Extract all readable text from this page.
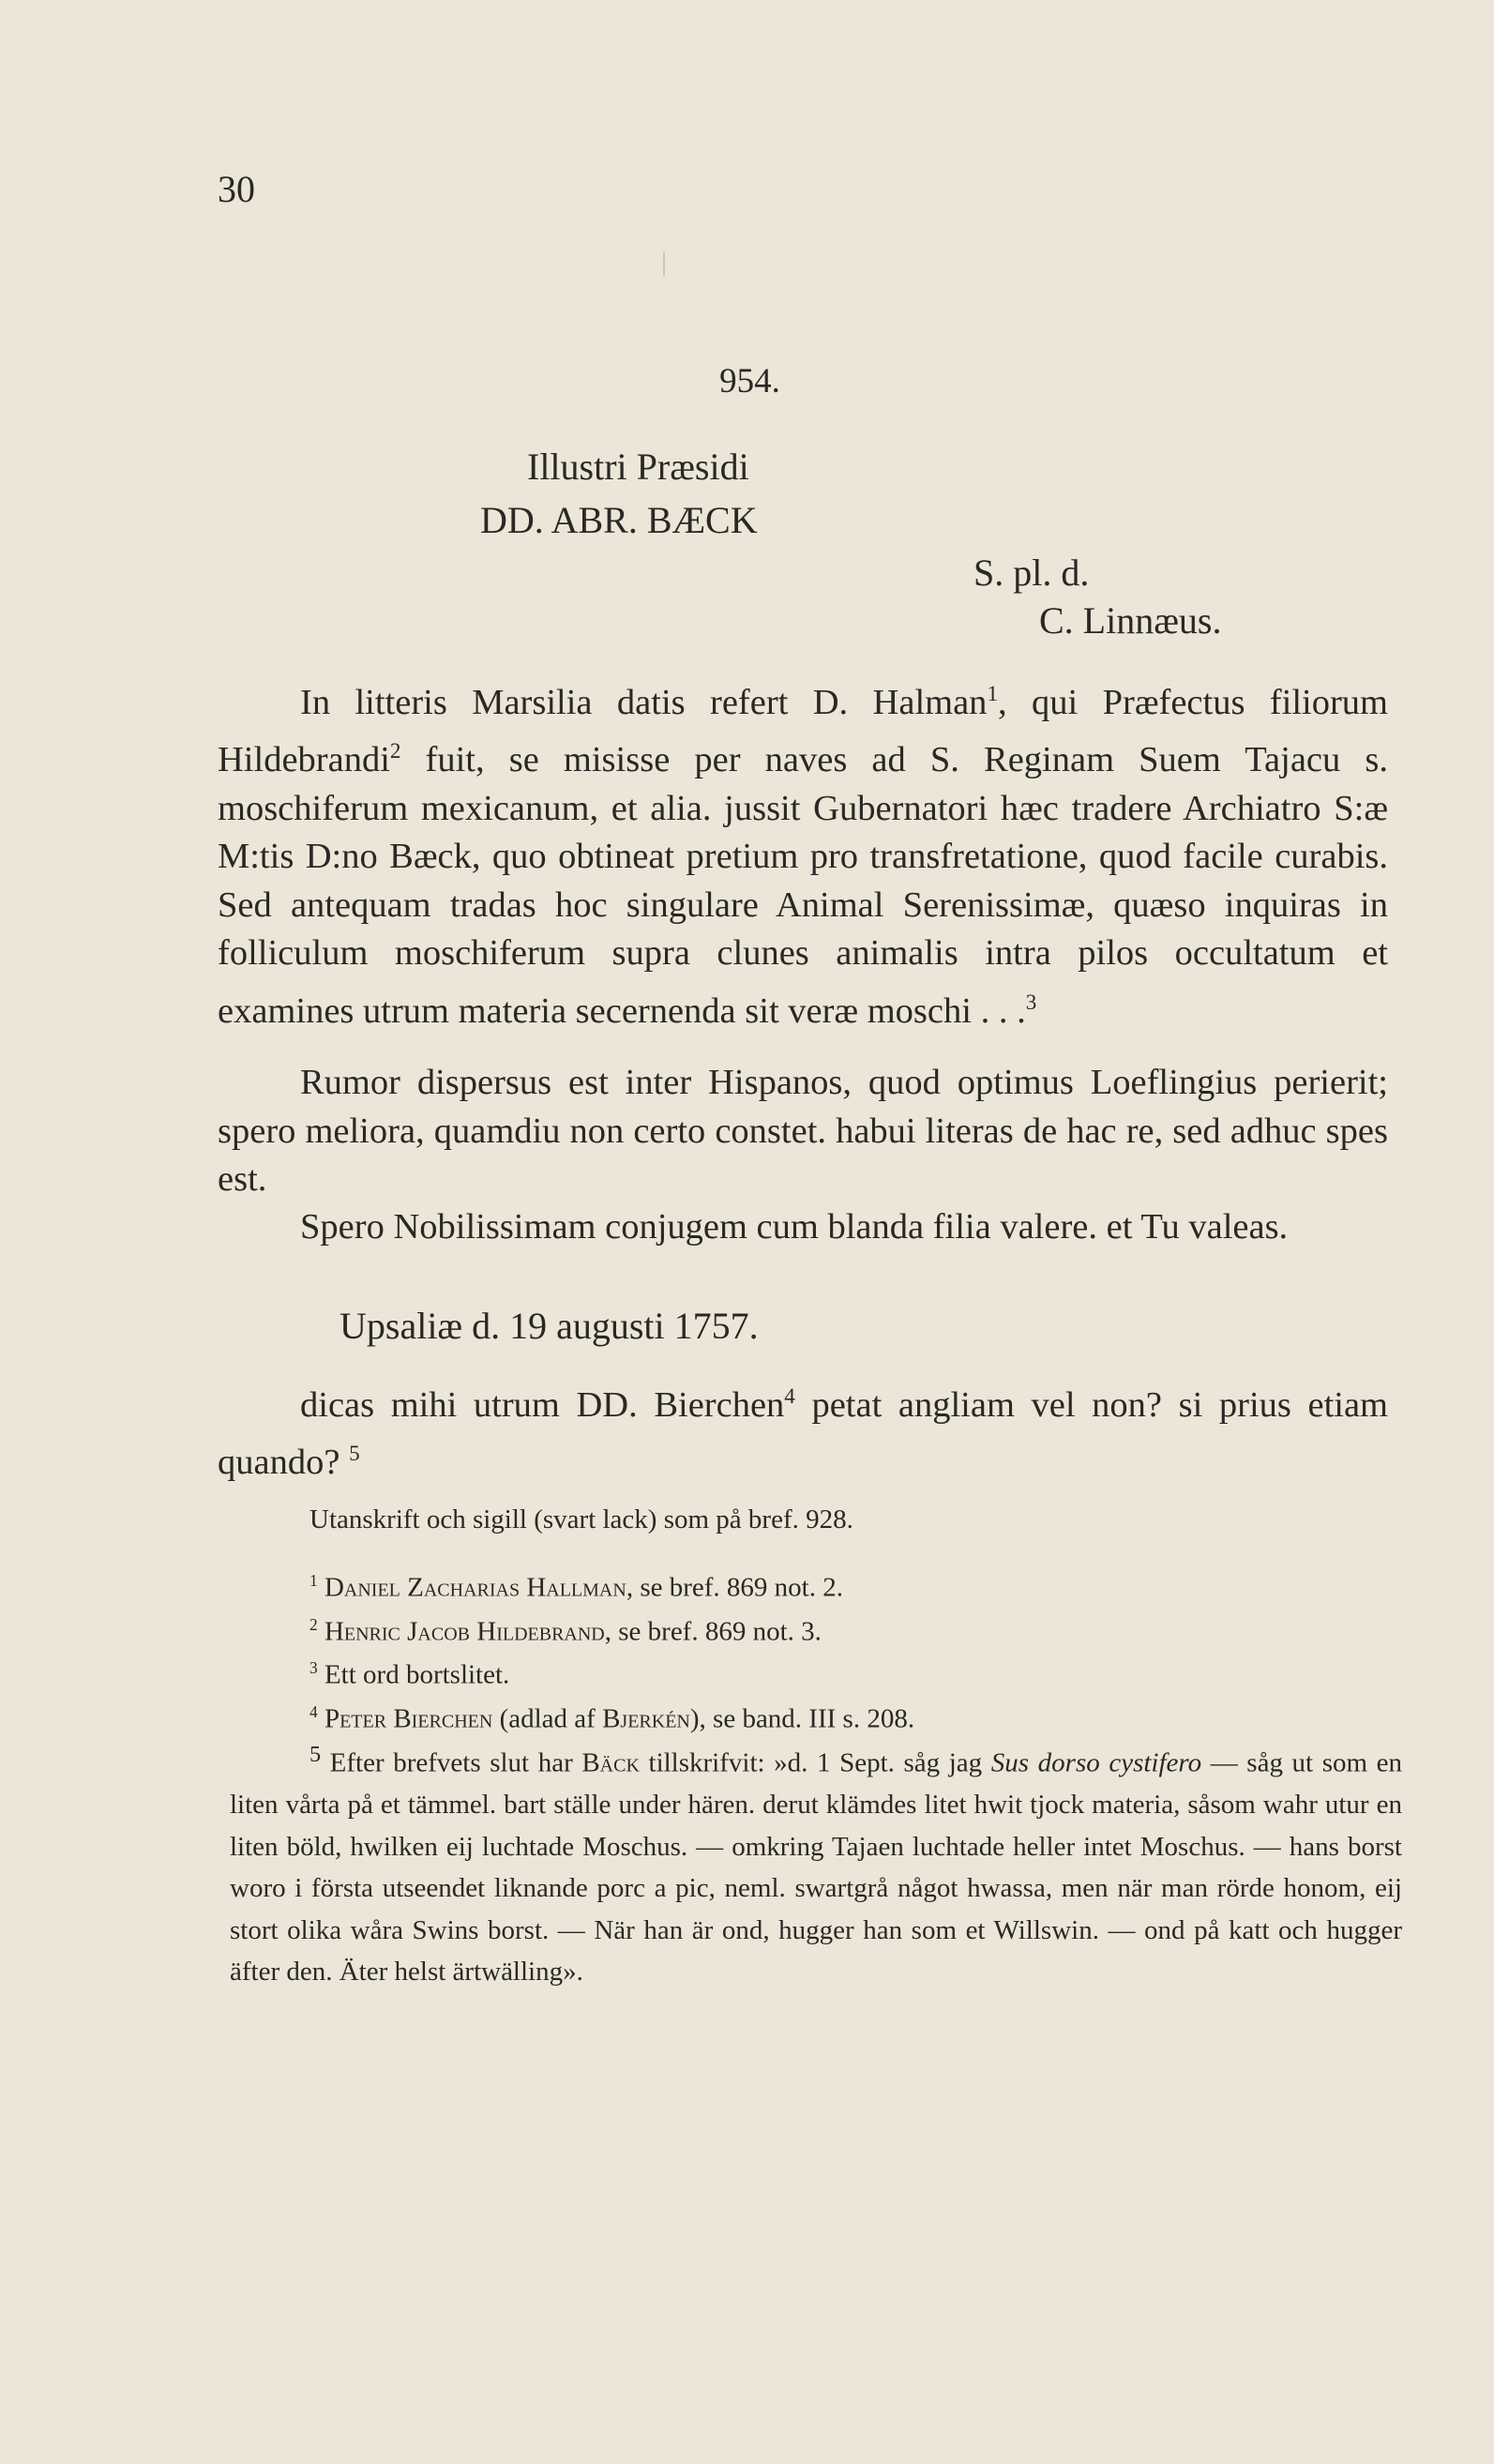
30
954.
Illustri Præsidi
DD. ABR. BÆCK
S. pl. d.
C. Linnæus.

In litteris Marsilia datis refert D. Halman$^1$, qui Præfectus filiorum Hildebrandi$^2$ fuit, se misisse per naves ad S. Reginam Suem Tajacu s. moschiferum mexicanum, et alia. jussit Gubernatori hæc tradere Archiatro S:æ M:tis D:no Bæck, quo obtineat pretium pro transfretatione, quod facile curabis. Sed antequam tradas hoc singulare Animal Serenissimæ, quæso inquiras in folliculum moschiferum supra clunes animalis intra pilos occultatum et examines utrum materia secernenda sit veræ moschi . . .$^3$

Rumor dispersus est inter Hispanos, quod optimus Loeflingius perierit; spero meliora, quamdiu non certo constet. habui literas de hac re, sed adhuc spes est.

Spero Nobilissimam conjugem cum blanda filia valere. et Tu valeas.

Upsaliæ d. 19 augusti 1757.

dicas mihi utrum DD. Bierchen$^4$ petat angliam vel non? si prius etiam quando? $^5$

Utanskrift och sigill (svart lack) som på bref. 928.
$^1$ Daniel Zacharias Hallman, se bref. 869 not. 2.
$^2$ Henric Jacob Hildebrand, se bref. 869 not. 3.
$^3$ Ett ord bortslitet.
$^4$ Peter Bierchen (adlad af Bjerkén), se band. III s. 208.
$^5$ Efter brefvets slut har Bäck tillskrifvit: »d. 1 Sept. såg jag Sus dorso cystifero — såg ut som en liten vårta på et tämmel. bart ställe under hären. derut klämdes litet hwit tjock materia, såsom wahr utur en liten böld, hwilken eij luchtade Moschus. — omkring Tajaen luchtade heller intet Moschus. — hans borst woro i första utseendet liknande porc a pic, neml. swartgrå något hwassa, men när man rörde honom, eij stort olika wåra Swins borst. — När han är ond, hugger han som et Willswin. — ond på katt och hugger äfter den. Äter helst ärtwälling».
